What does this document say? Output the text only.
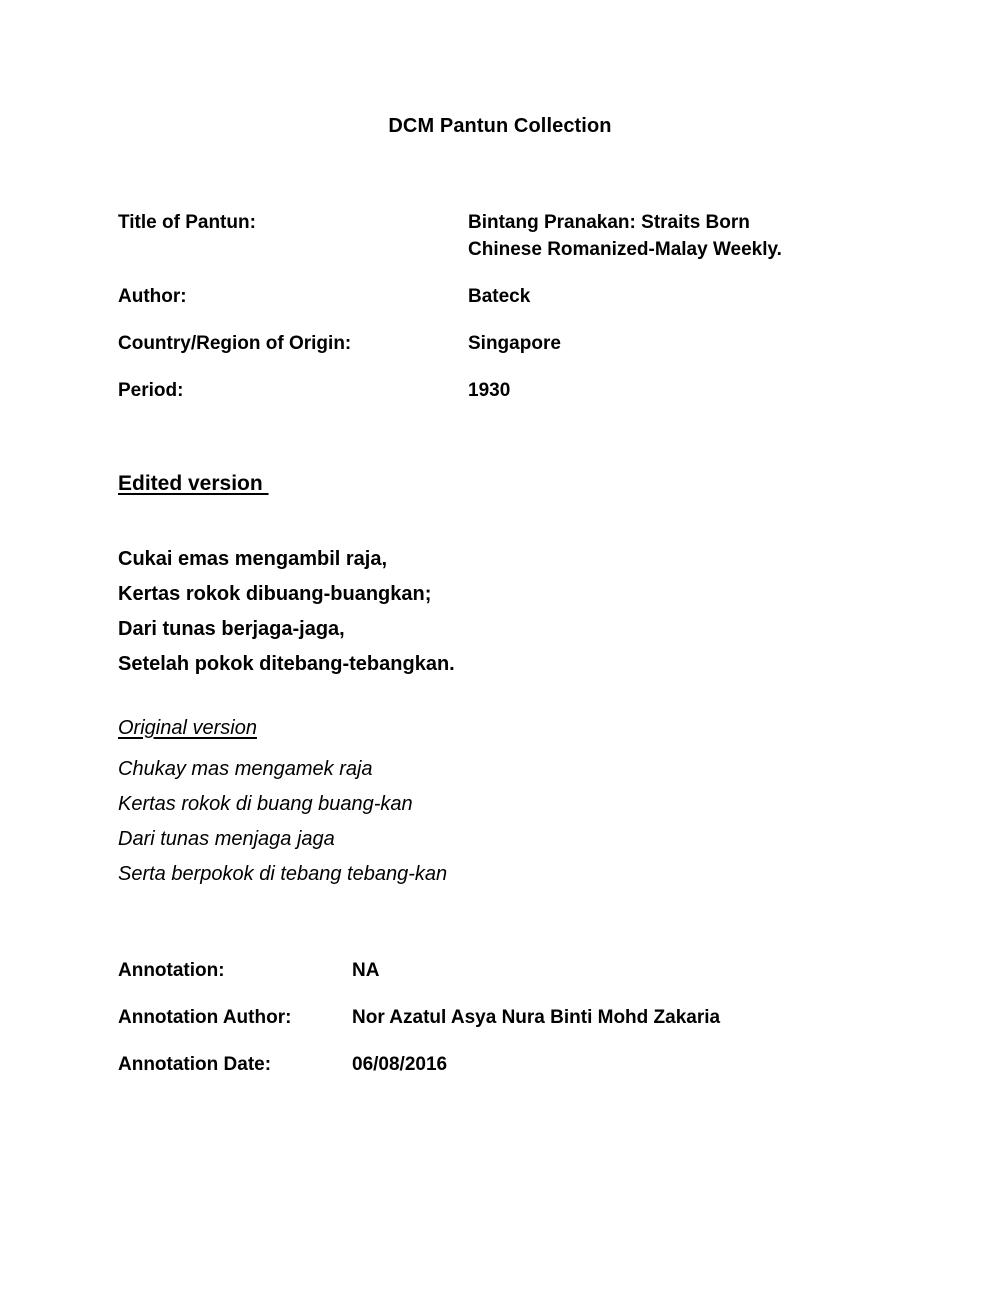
DCM Pantun Collection
Title of Pantun:	Bintang Pranakan: Straits Born
Chinese Romanized-Malay Weekly.
Author:	Bateck
Country/Region of Origin:	Singapore
Period:	1930
Edited version
Cukai emas mengambil raja,
Kertas rokok dibuang-buangkan;
Dari tunas berjaga-jaga,
Setelah pokok ditebang-tebangkan.
Original version
Chukay mas mengamek raja
Kertas rokok di buang buang-kan
Dari tunas menjaga jaga
Serta berpokok di tebang tebang-kan
Annotation:	NA
Annotation Author:	Nor Azatul Asya Nura Binti Mohd Zakaria
Annotation Date:	06/08/2016
